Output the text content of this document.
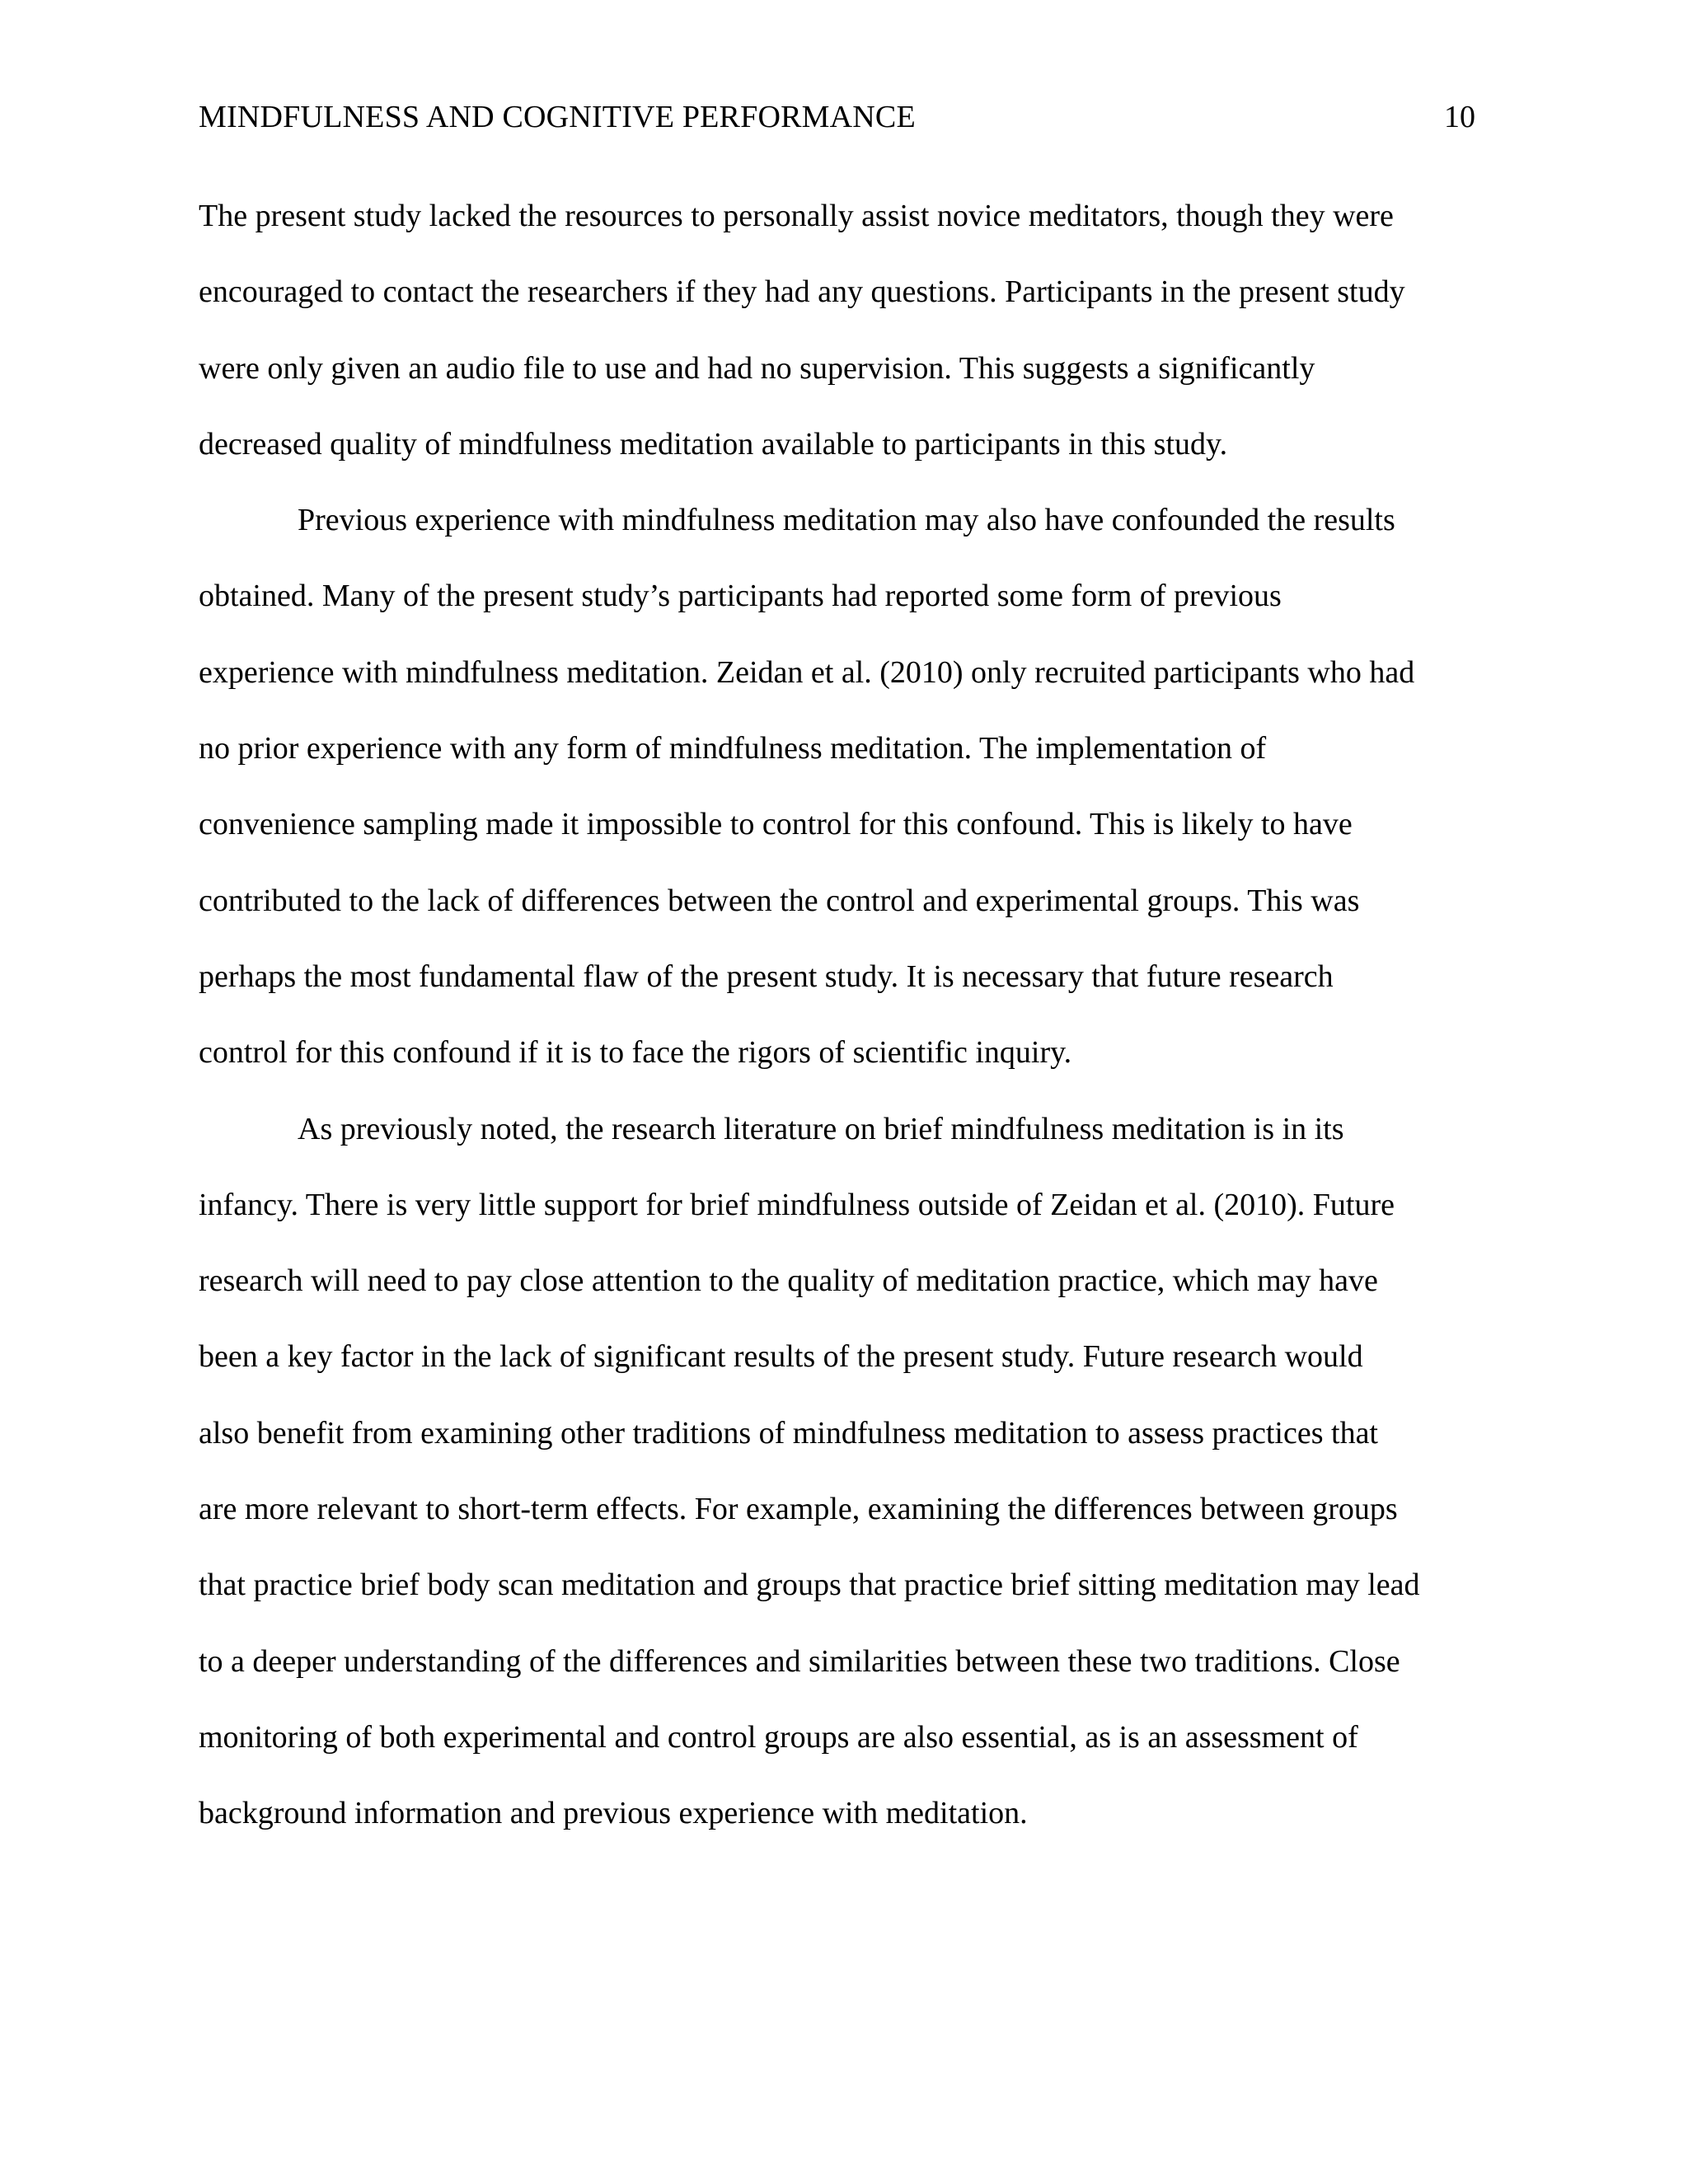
MINDFULNESS AND COGNITIVE PERFORMANCE	10
The present study lacked the resources to personally assist novice meditators, though they were
encouraged to contact the researchers if they had any questions. Participants in the present study
were only given an audio file to use and had no supervision. This suggests a significantly
decreased quality of mindfulness meditation available to participants in this study.
Previous experience with mindfulness meditation may also have confounded the results
obtained. Many of the present study’s participants had reported some form of previous
experience with mindfulness meditation. Zeidan et al. (2010) only recruited participants who had
no prior experience with any form of mindfulness meditation. The implementation of
convenience sampling made it impossible to control for this confound. This is likely to have
contributed to the lack of differences between the control and experimental groups. This was
perhaps the most fundamental flaw of the present study. It is necessary that future research
control for this confound if it is to face the rigors of scientific inquiry.
As previously noted, the research literature on brief mindfulness meditation is in its
infancy. There is very little support for brief mindfulness outside of Zeidan et al. (2010). Future
research will need to pay close attention to the quality of meditation practice, which may have
been a key factor in the lack of significant results of the present study. Future research would
also benefit from examining other traditions of mindfulness meditation to assess practices that
are more relevant to short-term effects. For example, examining the differences between groups
that practice brief body scan meditation and groups that practice brief sitting meditation may lead
to a deeper understanding of the differences and similarities between these two traditions. Close
monitoring of both experimental and control groups are also essential, as is an assessment of
background information and previous experience with meditation.
